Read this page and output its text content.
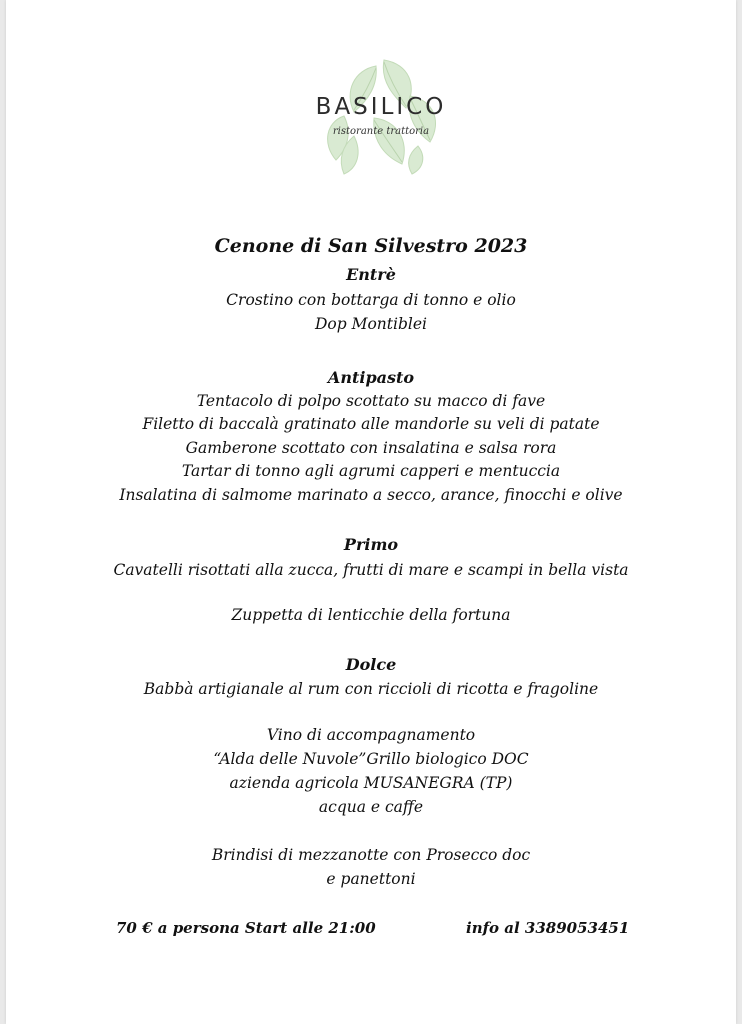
BASILICO
ristorante trattoria
Cenone di San Silvestro 2023
Entrè
Crostino con bottarga di tonno e olio
Dop Montiblei
Antipasto
Tentacolo di polpo scottato su macco di fave
Filetto di baccalà gratinato alle mandorle su veli di patate
Gamberone scottato con insalatina e salsa rora
Tartar di tonno agli agrumi capperi e mentuccia
Insalatina di salmome marinato a secco, arance, finocchi e olive
Primo
Cavatelli risottati alla zucca, frutti di mare e scampi in bella vista
Zuppetta di lenticchie della fortuna
Dolce
Babbà artigianale al rum con riccioli di ricotta e fragoline
Vino di accompagnamento
“Alda delle Nuvole”Grillo biologico DOC
azienda agricola MUSANEGRA (TP)
acqua e caffe
Brindisi di mezzanotte con Prosecco doc
e panettoni
70 € a persona Start alle 21:00	info al 3389053451
